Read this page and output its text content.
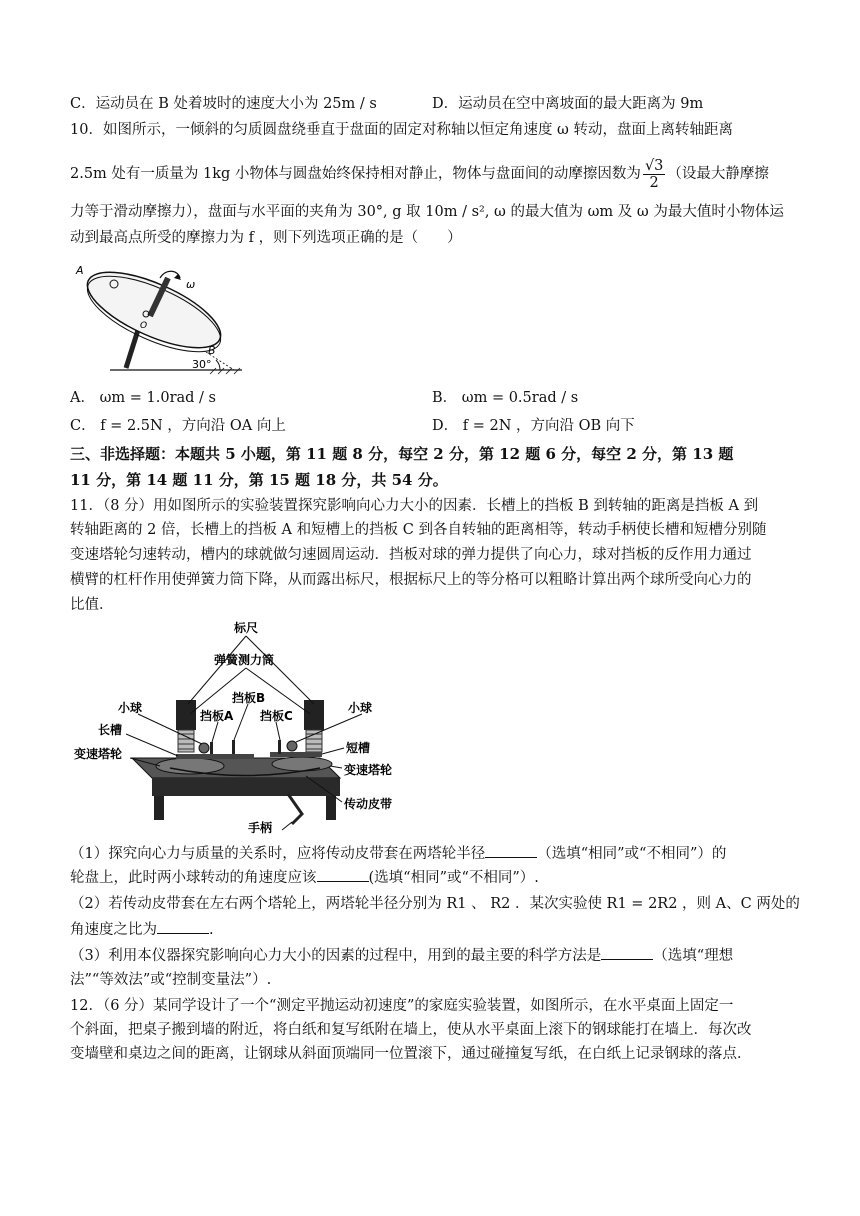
C．运动员在 B 处着坡时的速度大小为 25m / s	D．运动员在空中离坡面的最大距离为 9m
10．如图所示，一倾斜的匀质圆盘绕垂直于盘面的固定对称轴以恒定角速度 ω 转动，盘面上离转轴距离
2.5m 处有一质量为 1kg 小物体与圆盘始终保持相对静止，物体与盘面间的动摩擦因数为 $\frac{√3}{2}$ （设最大静摩擦
力等于滑动摩擦力），盘面与水平面的夹角为 30°, g 取 10m / s², ω 的最大值为 ωm 及 ω 为最大值时小物体运
动到最高点所受的摩擦力为 f ，则下列选项正确的是（　　）
A
B
O
ω
30°
A． ωm = 1.0rad / s	B． ωm = 0.5rad / s
C． f = 2.5N ，方向沿 OA 向上	D． f = 2N ，方向沿 OB 向下
三、非选择题：本题共 5 小题，第 11 题 8 分，每空 2 分，第 12 题 6 分，每空 2 分，第 13 题
11 分，第 14 题 11 分，第 15 题 18 分，共 54 分。
11．（8 分）用如图所示的实验装置探究影响向心力大小的因素．长槽上的挡板 B 到转轴的距离是挡板 A 到
转轴距离的 2 倍，长槽上的挡板 A 和短槽上的挡板 C 到各自转轴的距离相等，转动手柄使长槽和短槽分别随
变速塔轮匀速转动，槽内的球就做匀速圆周运动．挡板对球的弹力提供了向心力，球对挡板的反作用力通过
横臂的杠杆作用使弹簧力筒下降，从而露出标尺，根据标尺上的等分格可以粗略计算出两个球所受向心力的
比值．
标尺
弹簧测力筒
小球
挡板B
挡板A 挡板C
小球
长槽
短槽
变速塔轮
变速塔轮
传动皮带
手柄
（1）探究向心力与质量的关系时，应将传动皮带套在两塔轮半径	（选填“相同”或“不相同”）的
轮盘上，此时两小球转动的角速度应该	(选填“相同”或“不相同”）.
（2）若传动皮带套在左右两个塔轮上，两塔轮半径分别为 R1 、 R2 ．某次实验使 R1 = 2R2 ，则 A、C 两处的
角速度之比为	.
（3）利用本仪器探究影响向心力大小的因素的过程中，用到的最主要的科学方法是	（选填“理想
法”“等效法”或“控制变量法”）.
12．（6 分）某同学设计了一个“测定平抛运动初速度”的家庭实验装置，如图所示，在水平桌面上固定一
个斜面，把桌子搬到墙的附近，将白纸和复写纸附在墙上，使从水平桌面上滚下的钢球能打在墙上．每次改
变墙壁和桌边之间的距离，让钢球从斜面顶端同一位置滚下，通过碰撞复写纸，在白纸上记录钢球的落点．
